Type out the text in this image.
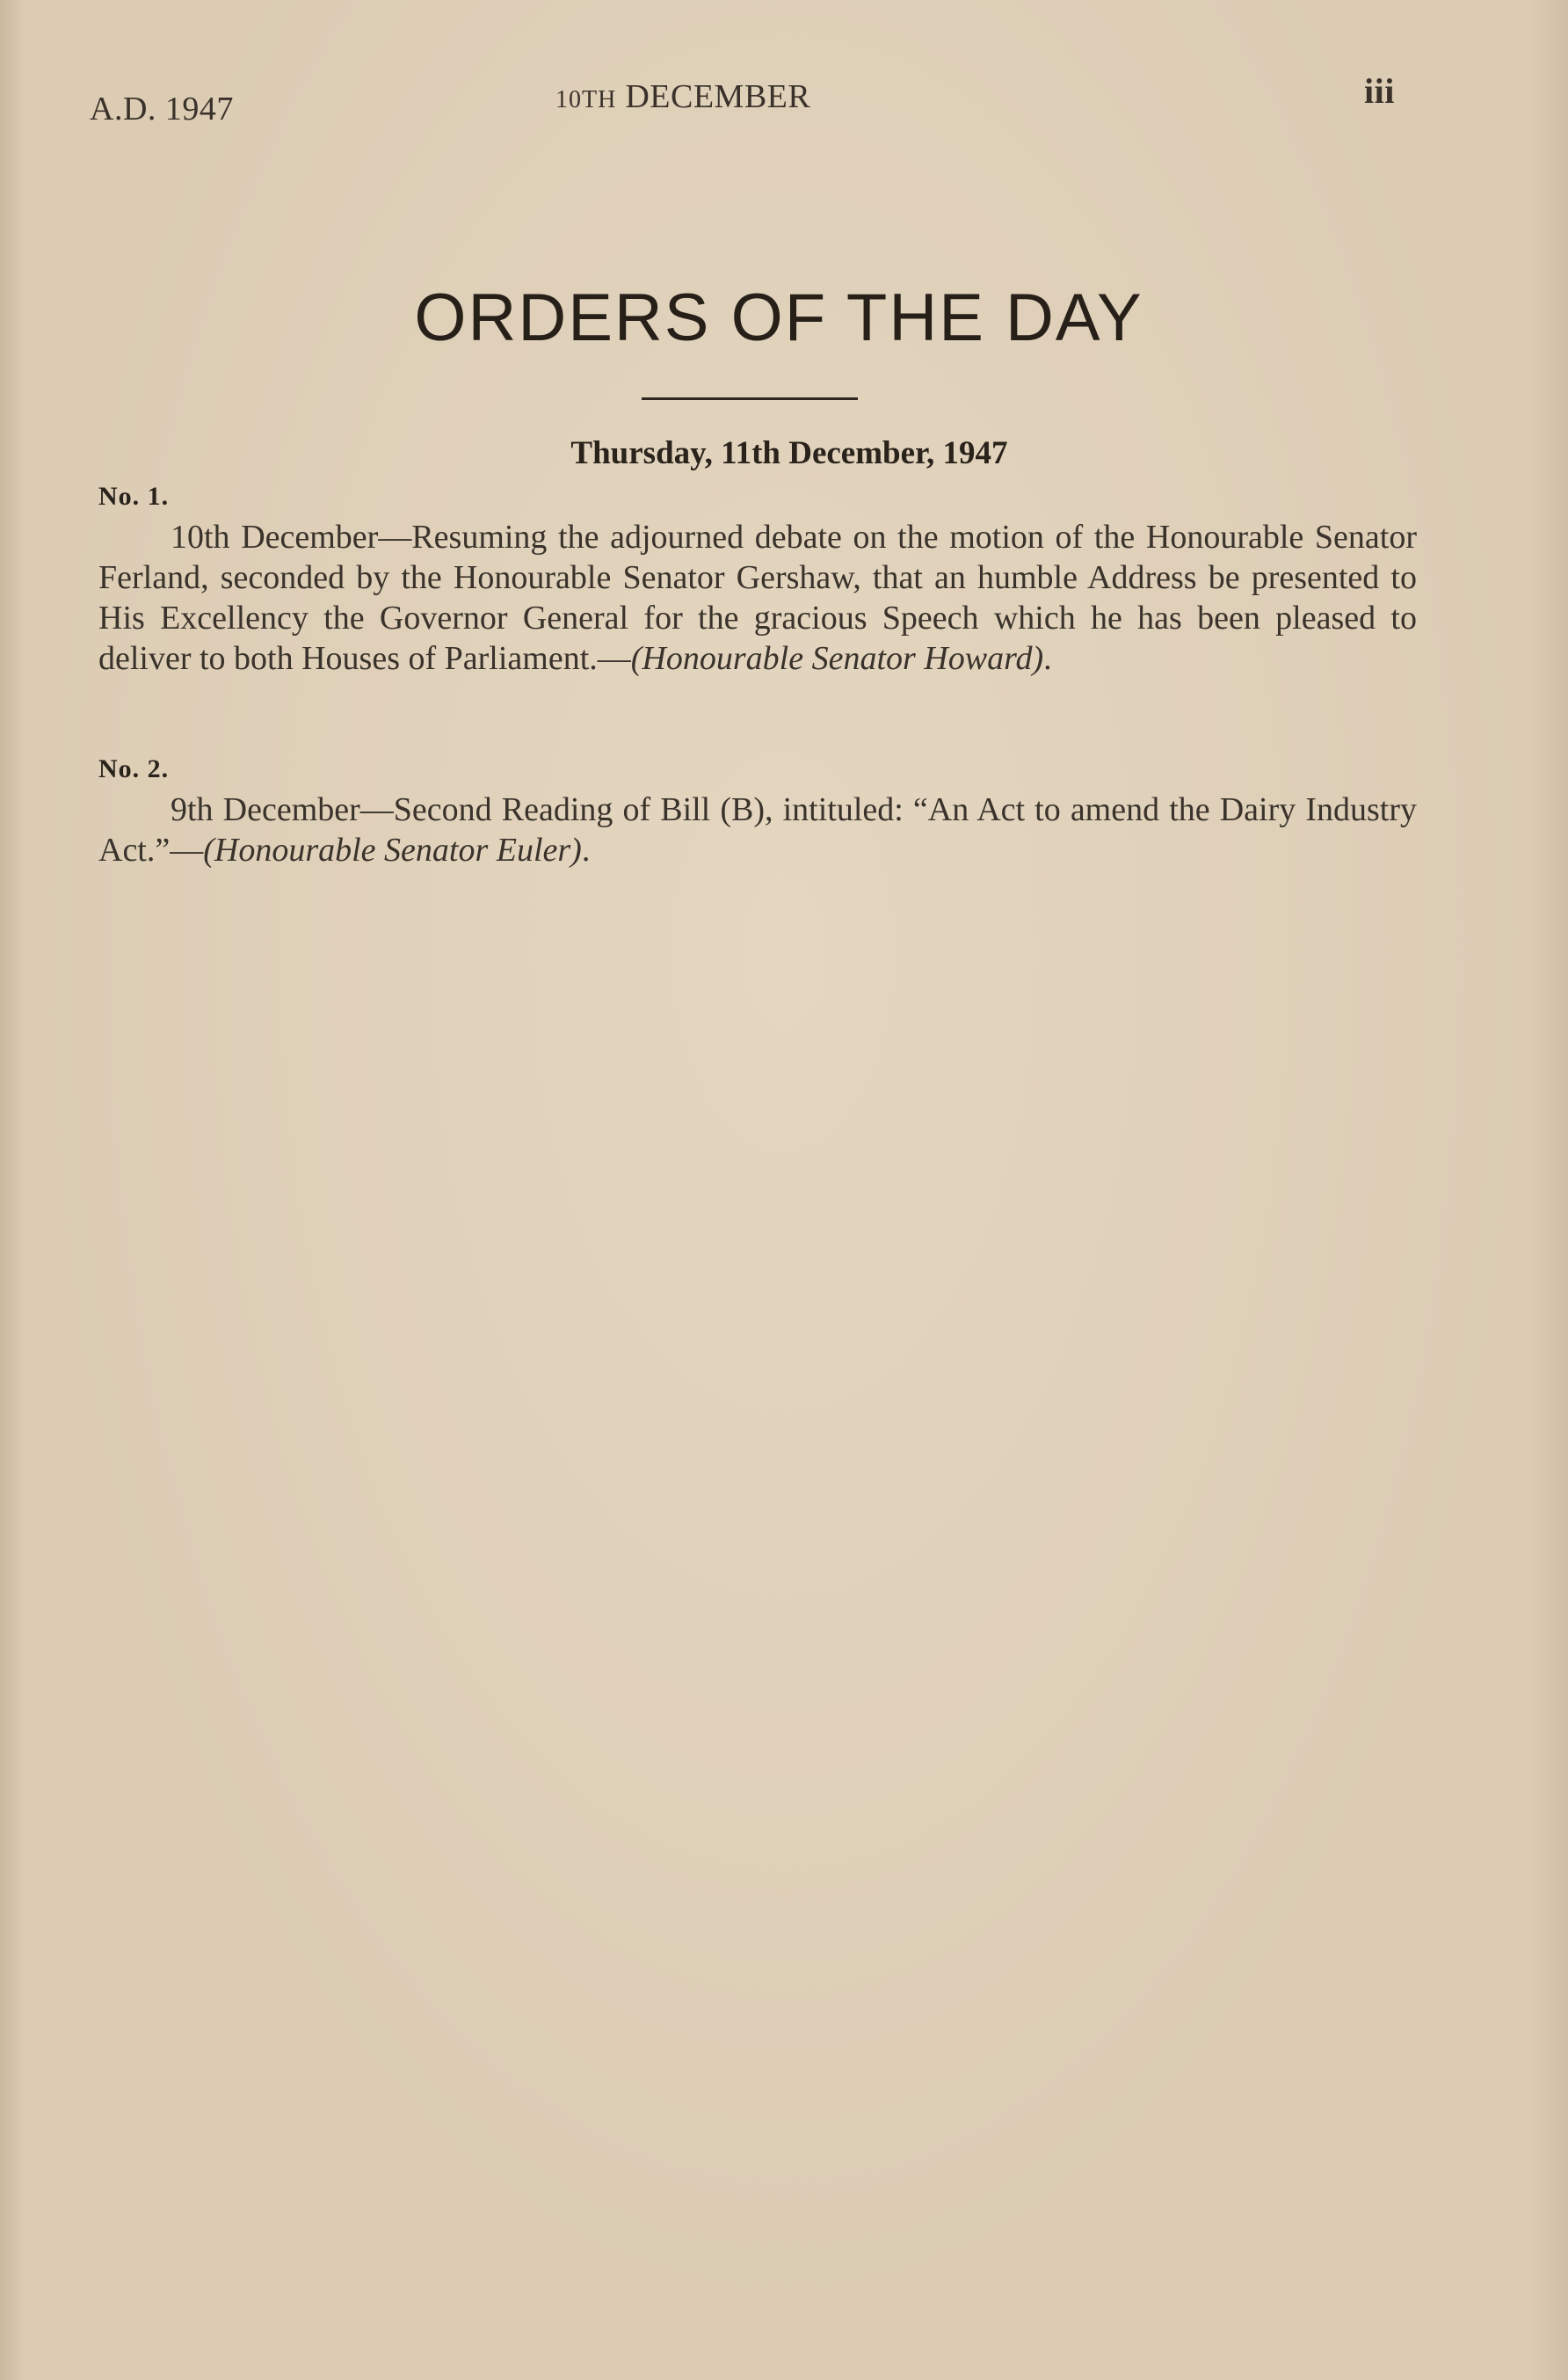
A.D. 1947	10TH DECEMBER	iii
ORDERS OF THE DAY
Thursday, 11th December, 1947
No. 1.
10th December—Resuming the adjourned debate on the motion of the Honourable Senator Ferland, seconded by the Honourable Senator Gershaw, that an humble Address be presented to His Excellency the Governor General for the gracious Speech which he has been pleased to deliver to both Houses of Parliament.—(Honourable Senator Howard).
No. 2.
9th December—Second Reading of Bill (B), intituled: “An Act to amend the Dairy Industry Act.”—(Honourable Senator Euler).
